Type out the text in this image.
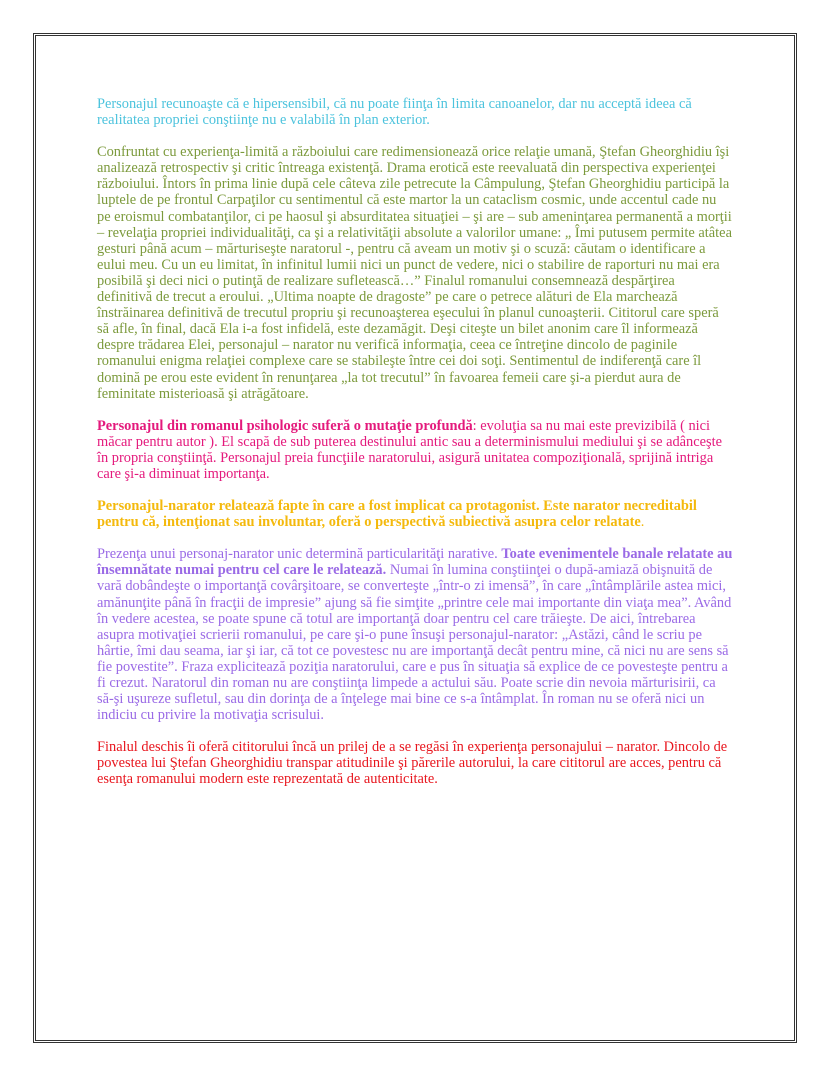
Personajul recunoaşte că e hipersensibil, că nu poate fiinţa în limita canoanelor, dar nu acceptă ideea că realitatea propriei conştiinţe nu e valabilă în plan exterior.

Confruntat cu experienţa-limită a războiului care redimensionează orice relaţie umană, Ştefan Gheorghidiu îşi analizează retrospectiv şi critic întreaga existenţă. Drama erotică este reevaluată din perspectiva experienţei războiului. Întors în prima linie după cele câteva zile petrecute la Câmpulung, Ştefan Gheorghidiu participă la luptele de pe frontul Carpaţilor cu sentimentul că este martor la un cataclism cosmic, unde accentul cade nu pe eroismul combatanţilor, ci pe haosul şi absurditatea situaţiei – şi are – sub ameninţarea permanentă a morţii – revelaţia propriei individualităţi, ca şi a relativităţii absolute a valorilor umane: „ Îmi putusem permite atâtea gesturi până acum – mărturiseşte naratorul -, pentru că aveam un motiv şi o scuză: căutam o identificare a eului meu. Cu un eu limitat, în infinitul lumii nici un punct de vedere, nici o stabilire de raporturi nu mai era posibilă şi deci nici o putinţă de realizare sufletească…” Finalul romanului consemnează despărţirea definitivă de trecut a eroului. „Ultima noapte de dragoste” pe care o petrece alături de Ela marchează înstrăinarea definitivă de trecutul propriu şi recunoaşterea eşecului în planul cunoaşterii. Cititorul care speră să afle, în final, dacă Ela i-a fost infidelă, este dezamăgit. Deşi citeşte un bilet anonim care îl informează despre trădarea Elei, personajul – narator nu verifică informaţia, ceea ce întreţine dincolo de paginile romanului enigma relaţiei complexe care se stabileşte între cei doi soţi. Sentimentul de indiferenţă care îl domină pe erou este evident în renunţarea „la tot trecutul” în favoarea femeii care şi-a pierdut aura de feminitate misterioasă şi atrăgătoare.

Personajul din romanul psihologic suferă o mutaţie profundă: evoluţia sa nu mai este previzibilă ( nici măcar pentru autor ). El scapă de sub puterea destinului antic sau a determinismului mediului şi se adânceşte în propria conştiinţă. Personajul preia funcţiile naratorului, asigură unitatea compoziţională, sprijină intriga care şi-a diminuat importanţa.

Personajul-narator relatează fapte în care a fost implicat ca protagonist. Este narator necreditabil pentru că, intenţionat sau involuntar, oferă o perspectivă subiectivă asupra celor relatate.

Prezenţa unui personaj-narator unic determină particularităţi narative. Toate evenimentele banale relatate au însemnătate numai pentru cel care le relatează. Numai în lumina conştiinţei o după-amiază obişnuită de vară dobândeşte o importanţă covârşitoare, se converteşte „într-o zi imensă”, în care „întâmplările astea mici, amănunţite până în fracţii de impresie” ajung să fie simţite „printre cele mai importante din viaţa mea”. Având în vedere acestea, se poate spune că totul are importanţă doar pentru cel care trăieşte. De aici, întrebarea asupra motivaţiei scrierii romanului, pe care şi-o pune însuşi personajul-narator: „Astăzi, când le scriu pe hârtie, îmi dau seama, iar şi iar, că tot ce povestesc nu are importanţă decât pentru mine, că nici nu are sens să fie povestite”. Fraza explicitează poziţia naratorului, care e pus în situaţia să explice de ce povesteşte pentru a fi crezut. Naratorul din roman nu are conştiinţa limpede a actului său. Poate scrie din nevoia mărturisirii, ca să-şi uşureze sufletul, sau din dorinţa de a înţelege mai bine ce s-a întâmplat. În roman nu se oferă nici un indiciu cu privire la motivaţia scrisului.

Finalul deschis îi oferă cititorului încă un prilej de a se regăsi în experienţa personajului – narator. Dincolo de povestea lui Ştefan Gheorghidiu transpar atitudinile şi părerile autorului, la care cititorul are acces, pentru că esenţa romanului modern este reprezentată de autenticitate.
